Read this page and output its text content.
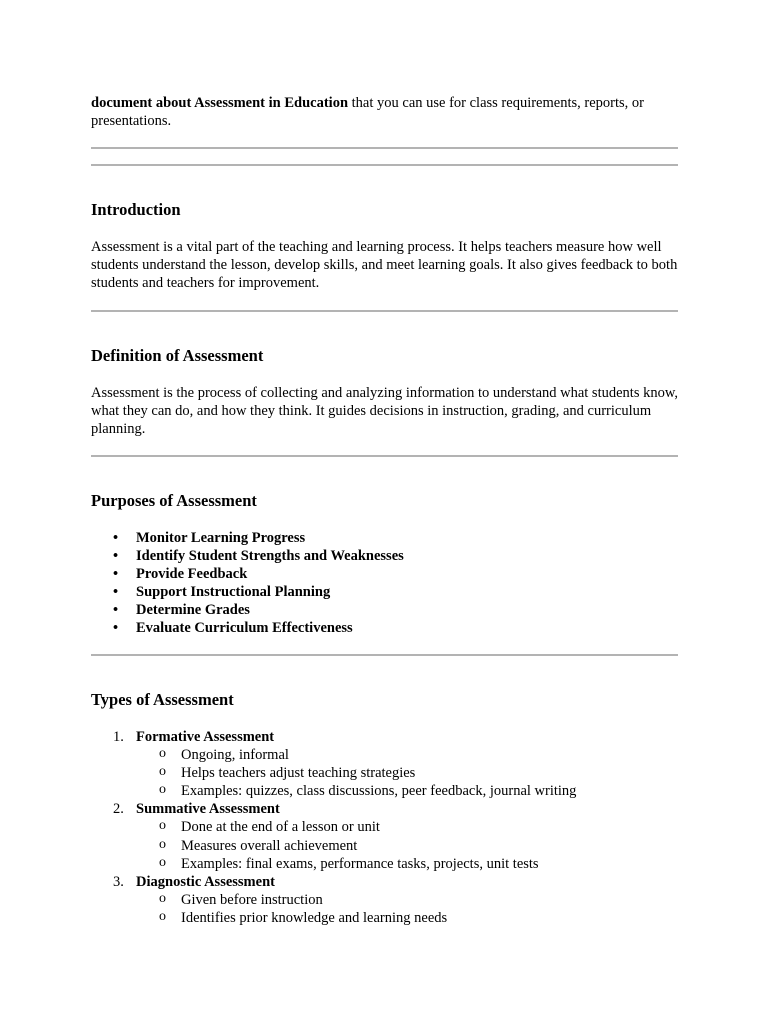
document about Assessment in Education that you can use for class requirements, reports, or presentations.

Introduction

Assessment is a vital part of the teaching and learning process. It helps teachers measure how well students understand the lesson, develop skills, and meet learning goals. It also gives feedback to both students and teachers for improvement.

Definition of Assessment

Assessment is the process of collecting and analyzing information to understand what students know, what they can do, and how they think. It guides decisions in instruction, grading, and curriculum planning.

Purposes of Assessment
• Monitor Learning Progress
• Identify Student Strengths and Weaknesses
• Provide Feedback
• Support Instructional Planning
• Determine Grades
• Evaluate Curriculum Effectiveness
Types of Assessment
1. Formative Assessment
o Ongoing, informal
o Helps teachers adjust teaching strategies
o Examples: quizzes, class discussions, peer feedback, journal writing
2. Summative Assessment
o Done at the end of a lesson or unit
o Measures overall achievement
o Examples: final exams, performance tasks, projects, unit tests
3. Diagnostic Assessment
o Given before instruction
o Identifies prior knowledge and learning needs
